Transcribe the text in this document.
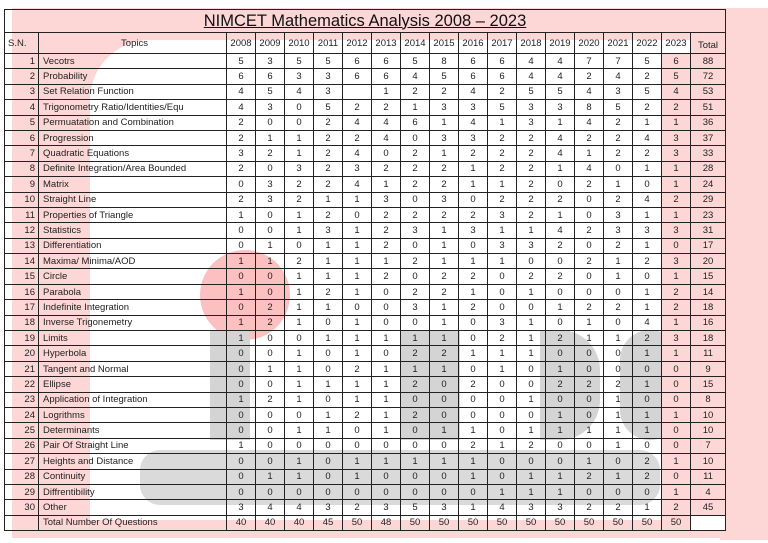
NIMCET Mathematics Analysis 2008 – 2023																		
S.N.	Topics	2008	2009	2010	2011	2012	2013	2014	2015	2016	2017	2018	2019	2020	2021	2022	2023	Total
1	Vecotrs	5	3	5	5	6	6	5	8	6	6	4	4	7	7	5	6	88
2	Probability	6	6	3	3	6	6	4	5	6	6	4	4	2	4	2	5	72
3	Set Relation Function	4	5	4	3		1	2	2	4	2	5	5	4	3	5	4	53
4	Trigonometry Ratio/Identities/Equ	4	3	0	5	2	2	1	3	3	5	3	3	8	5	2	2	51
5	Permuatation and Combination	2	0	0	2	4	4	6	1	4	1	3	1	4	2	1	1	36
6	Progression	2	1	1	2	2	4	0	3	3	2	2	4	2	2	4	3	37
7	Quadratic Equations	3	2	1	2	4	0	2	1	2	2	2	4	1	2	2	3	33
8	Definite Integration/Area Bounded	2	0	3	2	3	2	2	2	1	2	2	1	4	0	1	1	28
9	Matrix	0	3	2	2	4	1	2	2	1	1	2	0	2	1	0	1	24
10	Straight Line	2	3	2	1	1	3	0	3	0	2	2	2	0	2	4	2	29
11	Properties of Triangle	1	0	1	2	0	2	2	2	2	3	2	1	0	3	1	1	23
12	Statistics	0	0	1	3	1	2	3	1	3	1	1	4	2	3	3	3	31
13	Differentiation	0	1	0	1	1	2	0	1	0	3	3	2	0	2	1	0	17
14	Maxima/ Minima/AOD	1	1	2	1	1	1	2	1	1	1	0	0	2	1	2	3	20
15	Circle	0	0	1	1	1	2	0	2	2	0	2	2	0	1	0	1	15
16	Parabola	1	0	1	2	1	0	2	2	1	0	1	0	0	0	1	2	14
17	Indefinite Integration	0	2	1	1	0	0	3	1	2	0	0	1	2	2	1	2	18
18	Inverse Trigonemetry	1	2	1	0	1	0	0	1	0	3	1	0	1	0	4	1	16
19	Limits	1	0	0	1	1	1	1	1	0	2	1	2	1	1	2	3	18
20	Hyperbola	0	0	1	0	1	0	2	2	1	1	1	0	0	0	1	1	11
21	Tangent and Normal	0	1	1	0	2	1	1	1	0	1	0	1	0	0	0	0	9
22	Ellipse	0	0	1	1	1	1	2	0	2	0	0	2	2	2	1	0	15
23	Application of Integration	1	2	1	0	1	1	0	0	0	0	1	0	0	1	0	0	8
24	Logrithms	0	0	0	1	2	1	2	0	0	0	0	1	0	1	1	1	10
25	Determinants	0	0	1	1	0	1	0	1	1	0	1	1	1	1	1	0	10
26	Pair Of Straight Line	1	0	0	0	0	0	0	0	2	1	2	0	0	1	0	0	7
27	Heights and Distance	0	0	1	0	1	1	1	1	1	0	0	0	1	0	2	1	10
28	Continuity	0	1	1	0	1	0	0	0	1	0	1	1	2	1	2	0	11
29	Diffrentibility	0	0	0	0	0	0	0	0	0	1	1	1	0	0	0	1	4
30	Other	3	4	4	3	2	3	5	3	1	4	3	3	2	2	1	2	45
	Total Number Of Questions	40	40	40	45	50	48	50	50	50	50	50	50	50	50	50	50	
